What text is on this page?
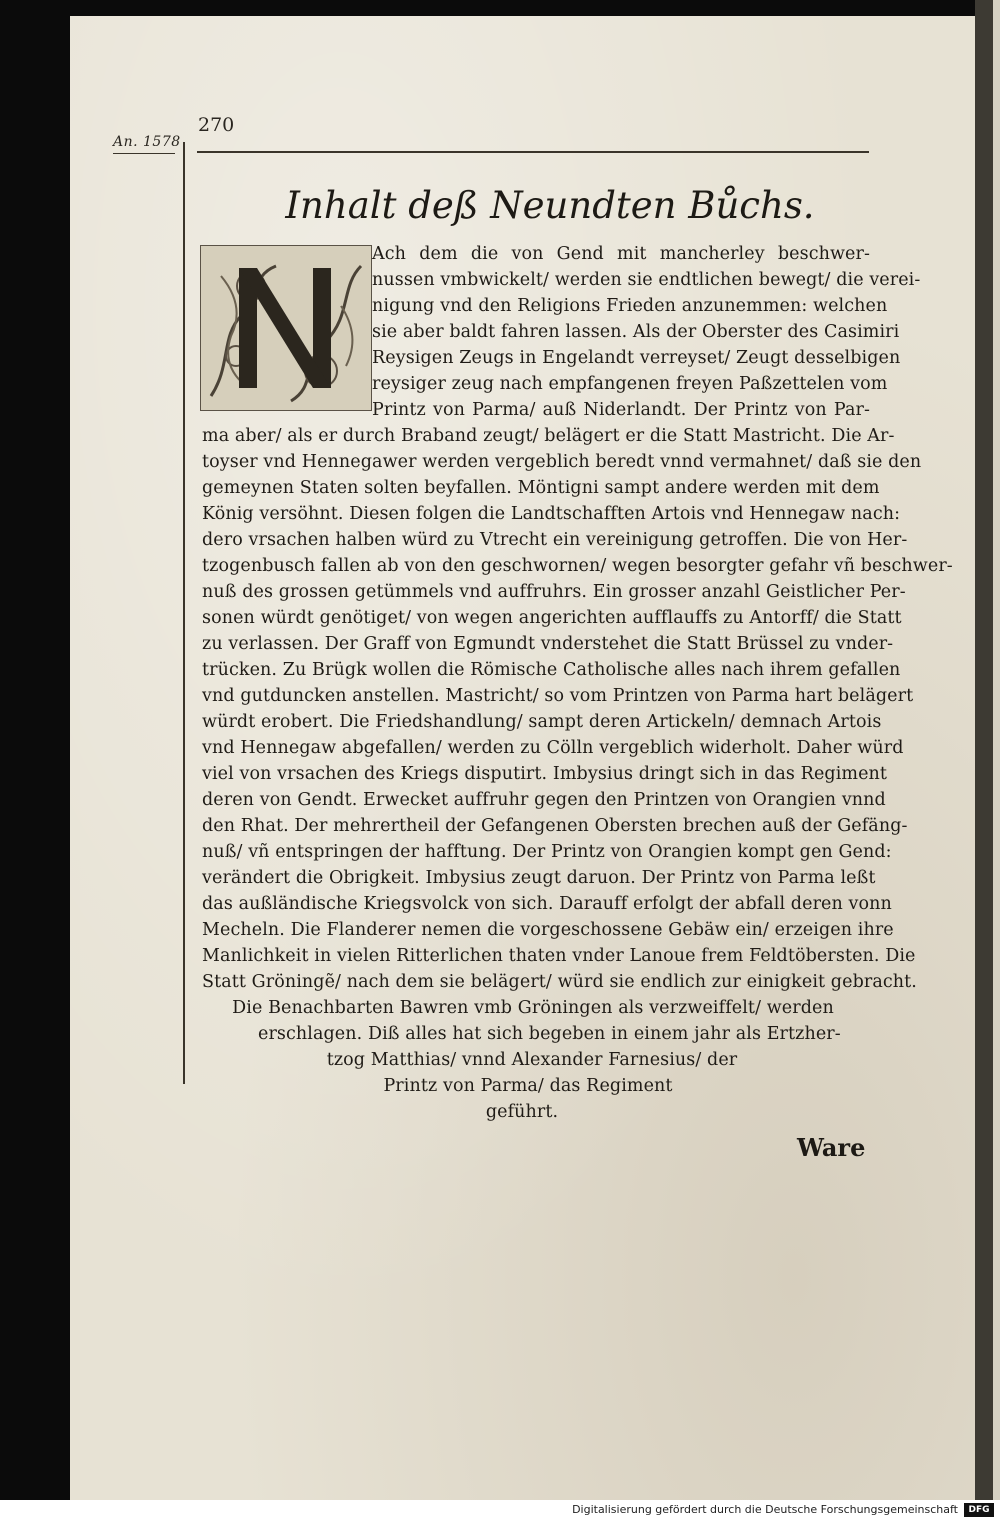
270
An. 1578
Inhalt deß Neundten Bůchs.
Ach dem die von Gend mit mancherley beschwer-
nussen vmbwickelt/ werden sie endtlichen bewegt/ die verei-
nigung vnd den Religions Frieden anzunemmen: welchen
sie aber baldt fahren lassen. Als der Oberster des Casimiri
Reysigen Zeugs in Engelandt verreyset/ Zeugt desselbigen
reysiger zeug nach empfangenen freyen Paßzettelen vom
Printz von Parma/ auß Niderlandt. Der Printz von Par-
ma aber/ als er durch Braband zeugt/ belägert er die Statt Mastricht. Die Ar-
toyser vnd Hennegawer werden vergeblich beredt vnnd vermahnet/ daß sie den
gemeynen Staten solten beyfallen. Möntigni sampt andere werden mit dem
König versöhnt. Diesen folgen die Landtschafften Artois vnd Hennegaw nach:
dero vrsachen halben würd zu Vtrecht ein vereinigung getroffen. Die von Her-
tzogenbusch fallen ab von den geschwornen/ wegen besorgter gefahr vñ beschwer-
nuß des grossen getümmels vnd auffruhrs. Ein grosser anzahl Geistlicher Per-
sonen würdt genötiget/ von wegen angerichten aufflauffs zu Antorff/ die Statt
zu verlassen. Der Graff von Egmundt vnderstehet die Statt Brüssel zu vnder-
trücken. Zu Brügk wollen die Römische Catholische alles nach ihrem gefallen
vnd gutduncken anstellen. Mastricht/ so vom Printzen von Parma hart belägert
würdt erobert. Die Friedshandlung/ sampt deren Artickeln/ demnach Artois
vnd Hennegaw abgefallen/ werden zu Cölln vergeblich widerholt. Daher würd
viel von vrsachen des Kriegs disputirt. Imbysius dringt sich in das Regiment
deren von Gendt. Erwecket auffruhr gegen den Printzen von Orangien vnnd
den Rhat. Der mehrertheil der Gefangenen Obersten brechen auß der Gefäng-
nuß/ vñ entspringen der hafftung. Der Printz von Orangien kompt gen Gend:
verändert die Obrigkeit. Imbysius zeugt daruon. Der Printz von Parma leßt
das außländische Kriegsvolck von sich. Darauff erfolgt der abfall deren vonn
Mecheln. Die Flanderer nemen die vorgeschossene Gebäw ein/ erzeigen ihre
Manlichkeit in vielen Ritterlichen thaten vnder Lanoue frem Feldtöbersten. Die
Statt Gröningẽ/ nach dem sie belägert/ würd sie endlich zur einigkeit gebracht.
Die Benachbarten Bawren vmb Gröningen als verzweiffelt/ werden
erschlagen. Diß alles hat sich begeben in einem jahr als Ertzher-
tzog Matthias/ vnnd Alexander Farnesius/ der
Printz von Parma/ das Regiment
geführt.
Ware
Digitalisierung gefördert durch die Deutsche Forschungsgemeinschaft	DFG
